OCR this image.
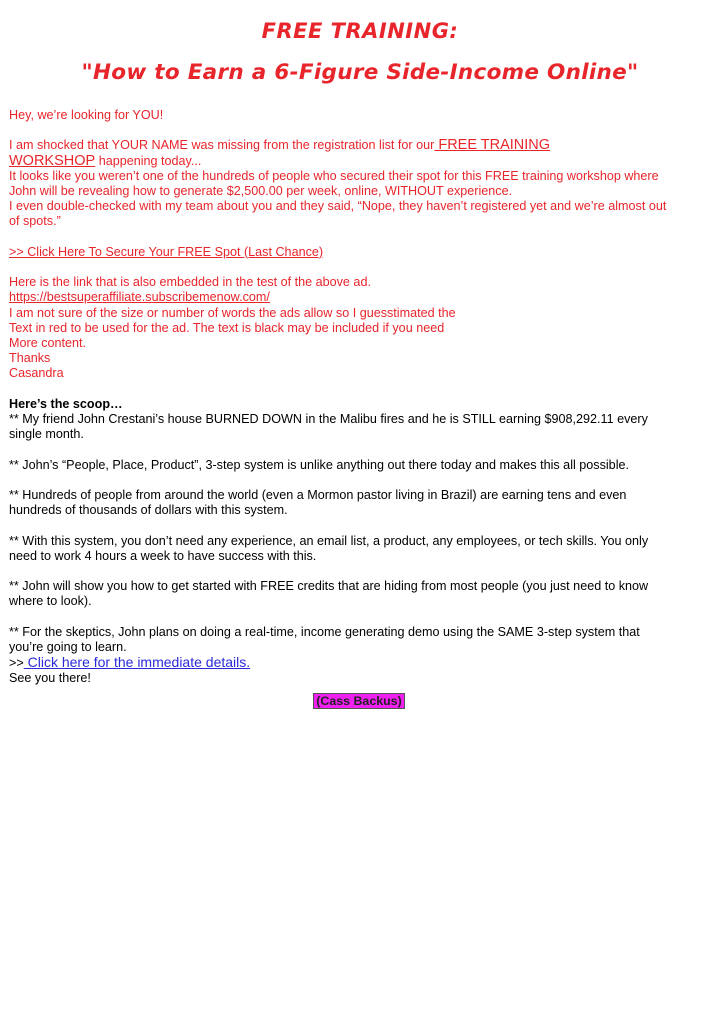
FREE TRAINING:
"How to Earn a 6-Figure Side-Income Online"
Hey, we’re looking for YOU!
I am shocked that YOUR NAME was missing from the registration list for our FREE TRAINING
WORKSHOP happening today...
It looks like you weren’t one of the hundreds of people who secured their spot for this FREE training workshop where
John will be revealing how to generate $2,500.00 per week, online, WITHOUT experience.
I even double-checked with my team about you and they said, “Nope, they haven’t registered yet and we’re almost out
of spots.”
>> Click Here To Secure Your FREE Spot (Last Chance)
Here is the link that is also embedded in the test of the above ad.
https://bestsuperaffiliate.subscribemenow.com/
I am not sure of the size or number of words the ads allow so I guesstimated the
Text in red to be used for the ad. The text is black may be included if you need
More content.
Thanks
Casandra
Here’s the scoop…
** My friend John Crestani’s house BURNED DOWN in the Malibu fires and he is STILL earning $908,292.11 every
single month.
** John’s “People, Place, Product”, 3-step system is unlike anything out there today and makes this all possible.
** Hundreds of people from around the world (even a Mormon pastor living in Brazil) are earning tens and even
hundreds of thousands of dollars with this system.
** With this system, you don’t need any experience, an email list, a product, any employees, or tech skills. You only
need to work 4 hours a week to have success with this.
** John will show you how to get started with FREE credits that are hiding from most people (you just need to know
where to look).
** For the skeptics, John plans on doing a real-time, income generating demo using the SAME 3-step system that
you’re going to learn.
>> Click here for the immediate details.
See you there!
(Cass Backus)
